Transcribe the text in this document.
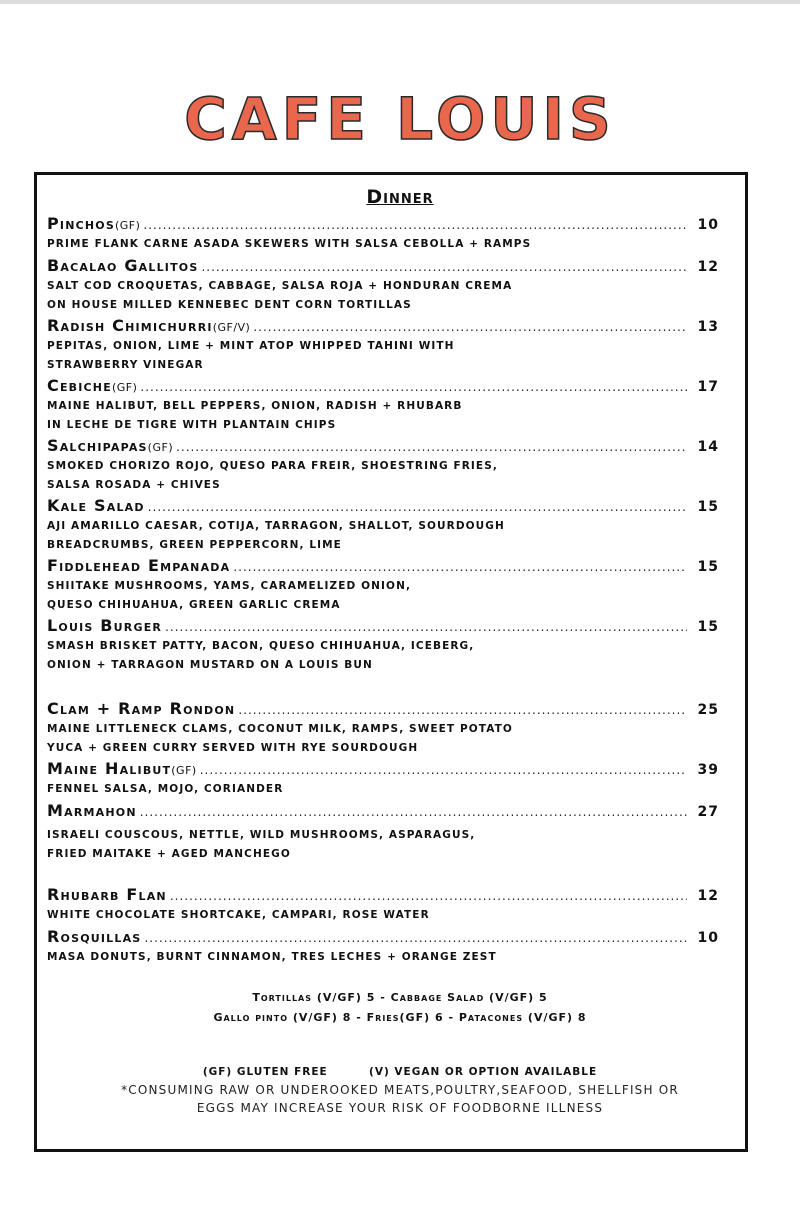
CAFE LOUIS
Dinner
Pinchos (GF) .....	10
PRIME FLANK CARNE ASADA SKEWERS WITH SALSA CEBOLLA + RAMPS
Bacalao Gallitos .....	12
SALT COD CROQUETAS, CABBAGE, SALSA ROJA + HONDURAN CREMA
ON HOUSE MILLED KENNEBEC DENT CORN TORTILLAS
Radish Chimichurri (GF/V) .....	13
PEPITAS, ONION, LIME + MINT ATOP WHIPPED TAHINI WITH
STRAWBERRY VINEGAR
Cebiche (GF) .....	17
MAINE HALIBUT, BELL PEPPERS, ONION, RADISH + RHUBARB
IN LECHE DE TIGRE WITH PLANTAIN CHIPS
Salchipapas (GF) .....	14
SMOKED CHORIZO ROJO, QUESO PARA FREIR, SHOESTRING FRIES,
SALSA ROSADA + CHIVES
Kale Salad .....	15
AJI AMARILLO CAESAR, COTIJA, TARRAGON, SHALLOT, SOURDOUGH
BREADCRUMBS, GREEN PEPPERCORN, LIME
Fiddlehead Empanada .....	15
SHIITAKE MUSHROOMS, YAMS, CARAMELIZED ONION,
QUESO CHIHUAHUA, GREEN GARLIC CREMA
Louis Burger .....	15
SMASH BRISKET PATTY, BACON, QUESO CHIHUAHUA, ICEBERG,
ONION + TARRAGON MUSTARD ON A LOUIS BUN
Clam + Ramp Rondon .....	25
MAINE LITTLENECK CLAMS, COCONUT MILK, RAMPS, SWEET POTATO
YUCA + GREEN CURRY SERVED WITH RYE SOURDOUGH
Maine Halibut (GF) .....	39
FENNEL SALSA, MOJO, CORIANDER
Marmahon .....	27
ISRAELI COUSCOUS, NETTLE, WILD MUSHROOMS, ASPARAGUS,
FRIED MAITAKE + AGED MANCHEGO
Rhubarb Flan .....	12
WHITE CHOCOLATE SHORTCAKE, CAMPARI, ROSE WATER
Rosquillas .....	10
MASA DONUTS, BURNT CINNAMON, TRES LECHES + ORANGE ZEST
Tortillas (V/GF) 5 - Cabbage Salad (V/GF) 5
Gallo pinto (V/GF) 8 - Fries(GF) 6 - Patacones (V/GF) 8
(GF) GLUTEN FREE	(V) VEGAN OR OPTION AVAILABLE
*CONSUMING RAW OR UNDEROOKED MEATS,POULTRY,SEAFOOD, SHELLFISH OR
EGGS MAY INCREASE YOUR RISK OF FOODBORNE ILLNESS
